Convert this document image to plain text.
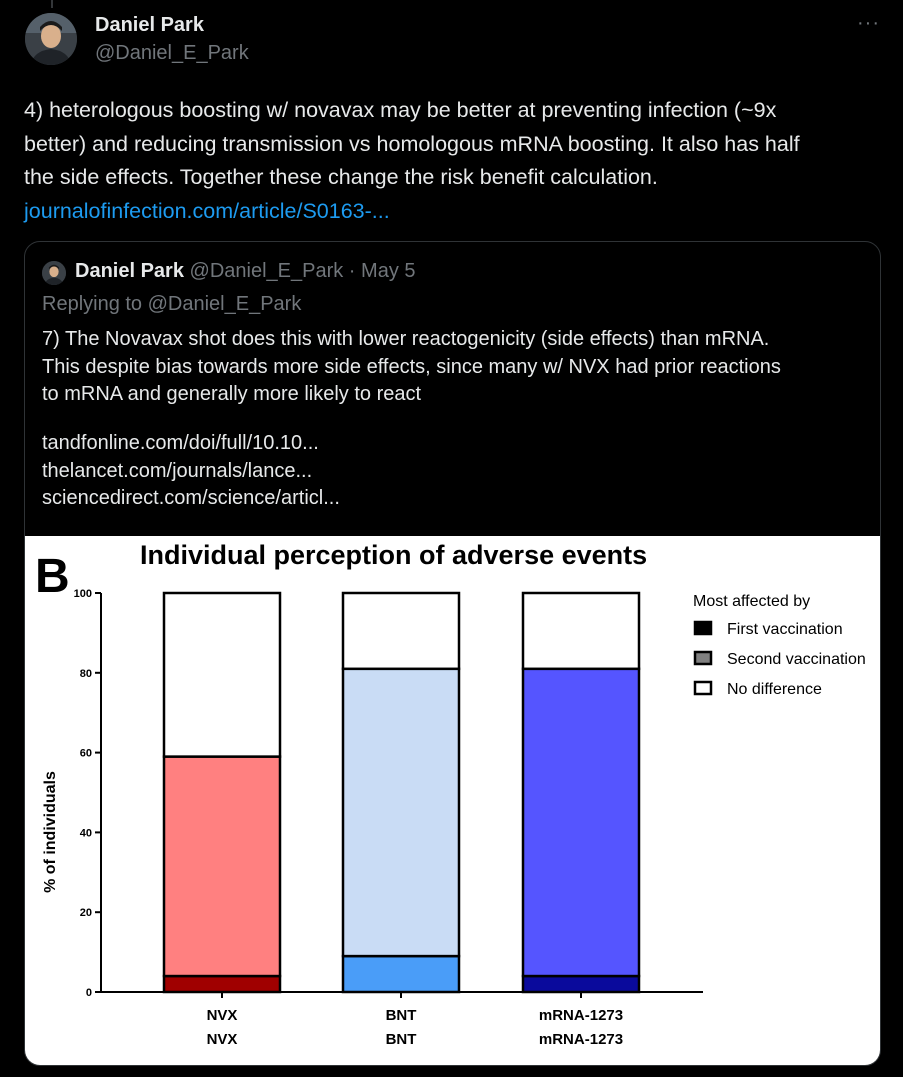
Daniel Park
@Daniel_E_Park
···
4) heterologous boosting w/ novavax may be better at preventing infection (~9x
better) and reducing transmission vs homologous mRNA boosting. It also has half
the side effects. Together these change the risk benefit calculation.
journalofinfection.com/article/S0163-...
Daniel Park @Daniel_E_Park · May 5
Replying to @Daniel_E_Park
7) The Novavax shot does this with lower reactogenicity (side effects) than mRNA.
This despite bias towards more side effects, since many w/ NVX had prior reactions
to mRNA and generally more likely to react
tandfonline.com/doi/full/10.10...
thelancet.com/journals/lance...
sciencedirect.com/science/articl...
B	Individual perception of adverse events
% of individuals
Most affected by
0
20
40
60
80
100
NVX
NVX
BNT
BNT
mRNA-1273
mRNA-1273
First vaccination
Second vaccination
No difference
